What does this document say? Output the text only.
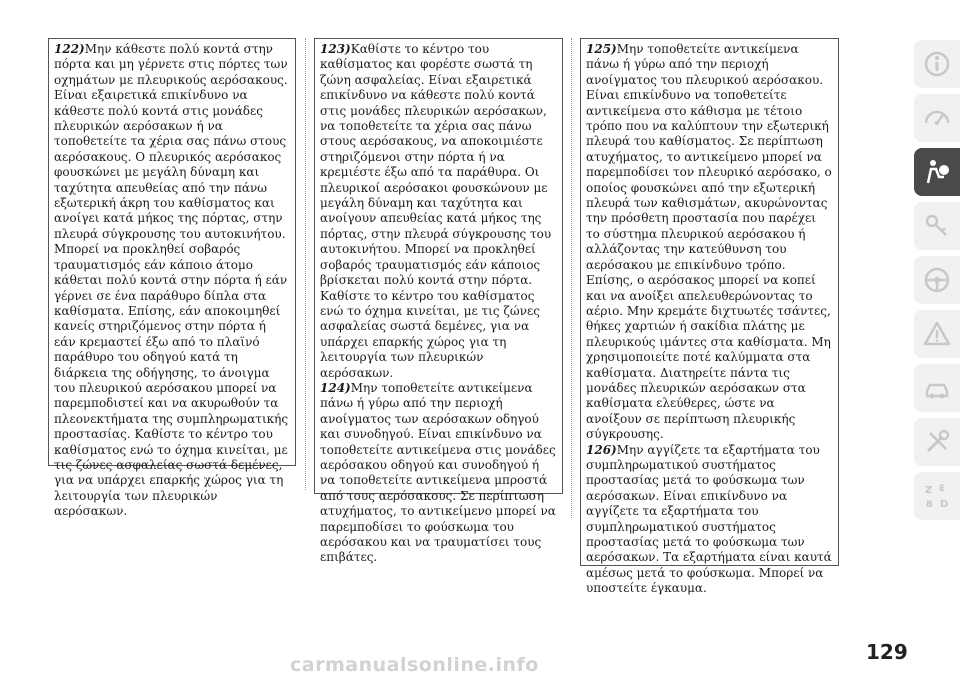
122)Μην κάθεστε πολύ κοντά στην πόρτα και μη γέρνετε στις πόρτες των οχημάτων με πλευρικούς αερόσακους. Είναι εξαιρετικά επικίνδυνο να κάθεστε πολύ κοντά στις μονάδες πλευρικών αερόσακων ή να τοποθετείτε τα χέρια σας πάνω στους αερόσακους. Ο πλευρικός αερόσακος φουσκώνει με μεγάλη δύναμη και ταχύτητα απευθείας από την πάνω εξωτερική άκρη του καθίσματος και ανοίγει κατά μήκος της πόρτας, στην πλευρά σύγκρουσης του αυτοκινήτου. Μπορεί να προκληθεί σοβαρός τραυματισμός εάν κάποιο άτομο κάθεται πολύ κοντά στην πόρτα ή εάν γέρνει σε ένα παράθυρο δίπλα στα καθίσματα. Επίσης, εάν αποκοιμηθεί κανείς στηριζόμενος στην πόρτα ή εάν κρεμαστεί έξω από το πλαϊνό παράθυρο του οδηγού κατά τη διάρκεια της οδήγησης, το άνοιγμα του πλευρικού αερόσακου μπορεί να παρεμποδιστεί και να ακυρωθούν τα πλεονεκτήματα της συμπληρωματικής προστασίας. Καθίστε το κέντρο του καθίσματος ενώ το όχημα κινείται, με τις ζώνες ασφαλείας σωστά δεμένες, για να υπάρχει επαρκής χώρος για τη λειτουργία των πλευρικών αερόσακων.

123)Καθίστε το κέντρο του καθίσματος και φορέστε σωστά τη ζώνη ασφαλείας. Είναι εξαιρετικά επικίνδυνο να κάθεστε πολύ κοντά στις μονάδες πλευρικών αερόσακων, να τοποθετείτε τα χέρια σας πάνω στους αερόσακους, να αποκοιμιέστε στηριζόμενοι στην πόρτα ή να κρεμιέστε έξω από τα παράθυρα. Οι πλευρικοί αερόσακοι φουσκώνουν με μεγάλη δύναμη και ταχύτητα και ανοίγουν απευθείας κατά μήκος της πόρτας, στην πλευρά σύγκρουσης του αυτοκινήτου. Μπορεί να προκληθεί σοβαρός τραυματισμός εάν κάποιος βρίσκεται πολύ κοντά στην πόρτα. Καθίστε το κέντρο του καθίσματος ενώ το όχημα κινείται, με τις ζώνες ασφαλείας σωστά δεμένες, για να υπάρχει επαρκής χώρος για τη λειτουργία των πλευρικών αερόσακων.

124)Μην τοποθετείτε αντικείμενα πάνω ή γύρω από την περιοχή ανοίγματος των αερόσακων οδηγού και συνοδηγού. Είναι επικίνδυνο να τοποθετείτε αντικείμενα στις μονάδες αερόσακου οδηγού και συνοδηγού ή να τοποθετείτε αντικείμενα μπροστά από τους αερόσακους. Σε περίπτωση ατυχήματος, το αντικείμενο μπορεί να παρεμποδίσει το φούσκωμα του αερόσακου και να τραυματίσει τους επιβάτες.

125)Μην τοποθετείτε αντικείμενα πάνω ή γύρω από την περιοχή ανοίγματος του πλευρικού αερόσακου. Είναι επικίνδυνο να τοποθετείτε αντικείμενα στο κάθισμα με τέτοιο τρόπο που να καλύπτουν την εξωτερική πλευρά του καθίσματος. Σε περίπτωση ατυχήματος, το αντικείμενο μπορεί να παρεμποδίσει τον πλευρικό αερόσακο, ο οποίος φουσκώνει από την εξωτερική πλευρά των καθισμάτων, ακυρώνοντας την πρόσθετη προστασία που παρέχει το σύστημα πλευρικού αερόσακου ή αλλάζοντας την κατεύθυνση του αερόσακου με επικίνδυνο τρόπο. Επίσης, ο αερόσακος μπορεί να κοπεί και να ανοίξει απελευθερώνοντας το αέριο. Μην κρεμάτε διχτυωτές τσάντες, θήκες χαρτιών ή σακίδια πλάτης με πλευρικούς ιμάντες στα καθίσματα. Μη χρησιμοποιείτε ποτέ καλύμματα στα καθίσματα. Διατηρείτε πάντα τις μονάδες πλευρικών αερόσακων στα καθίσματα ελεύθερες, ώστε να ανοίξουν σε περίπτωση πλευρικής σύγκρουσης.

126)Μην αγγίζετε τα εξαρτήματα του συμπληρωματικού συστήματος προστασίας μετά το φούσκωμα των αερόσακων. Είναι επικίνδυνο να αγγίζετε τα εξαρτήματα του συμπληρωματικού συστήματος προστασίας μετά το φούσκωμα των αερόσακων. Τα εξαρτήματα είναι καυτά αμέσως μετά το φούσκωμα. Μπορεί να υποστείτε έγκαυμα.

Z E
B D
129
carmanualsonline.info
